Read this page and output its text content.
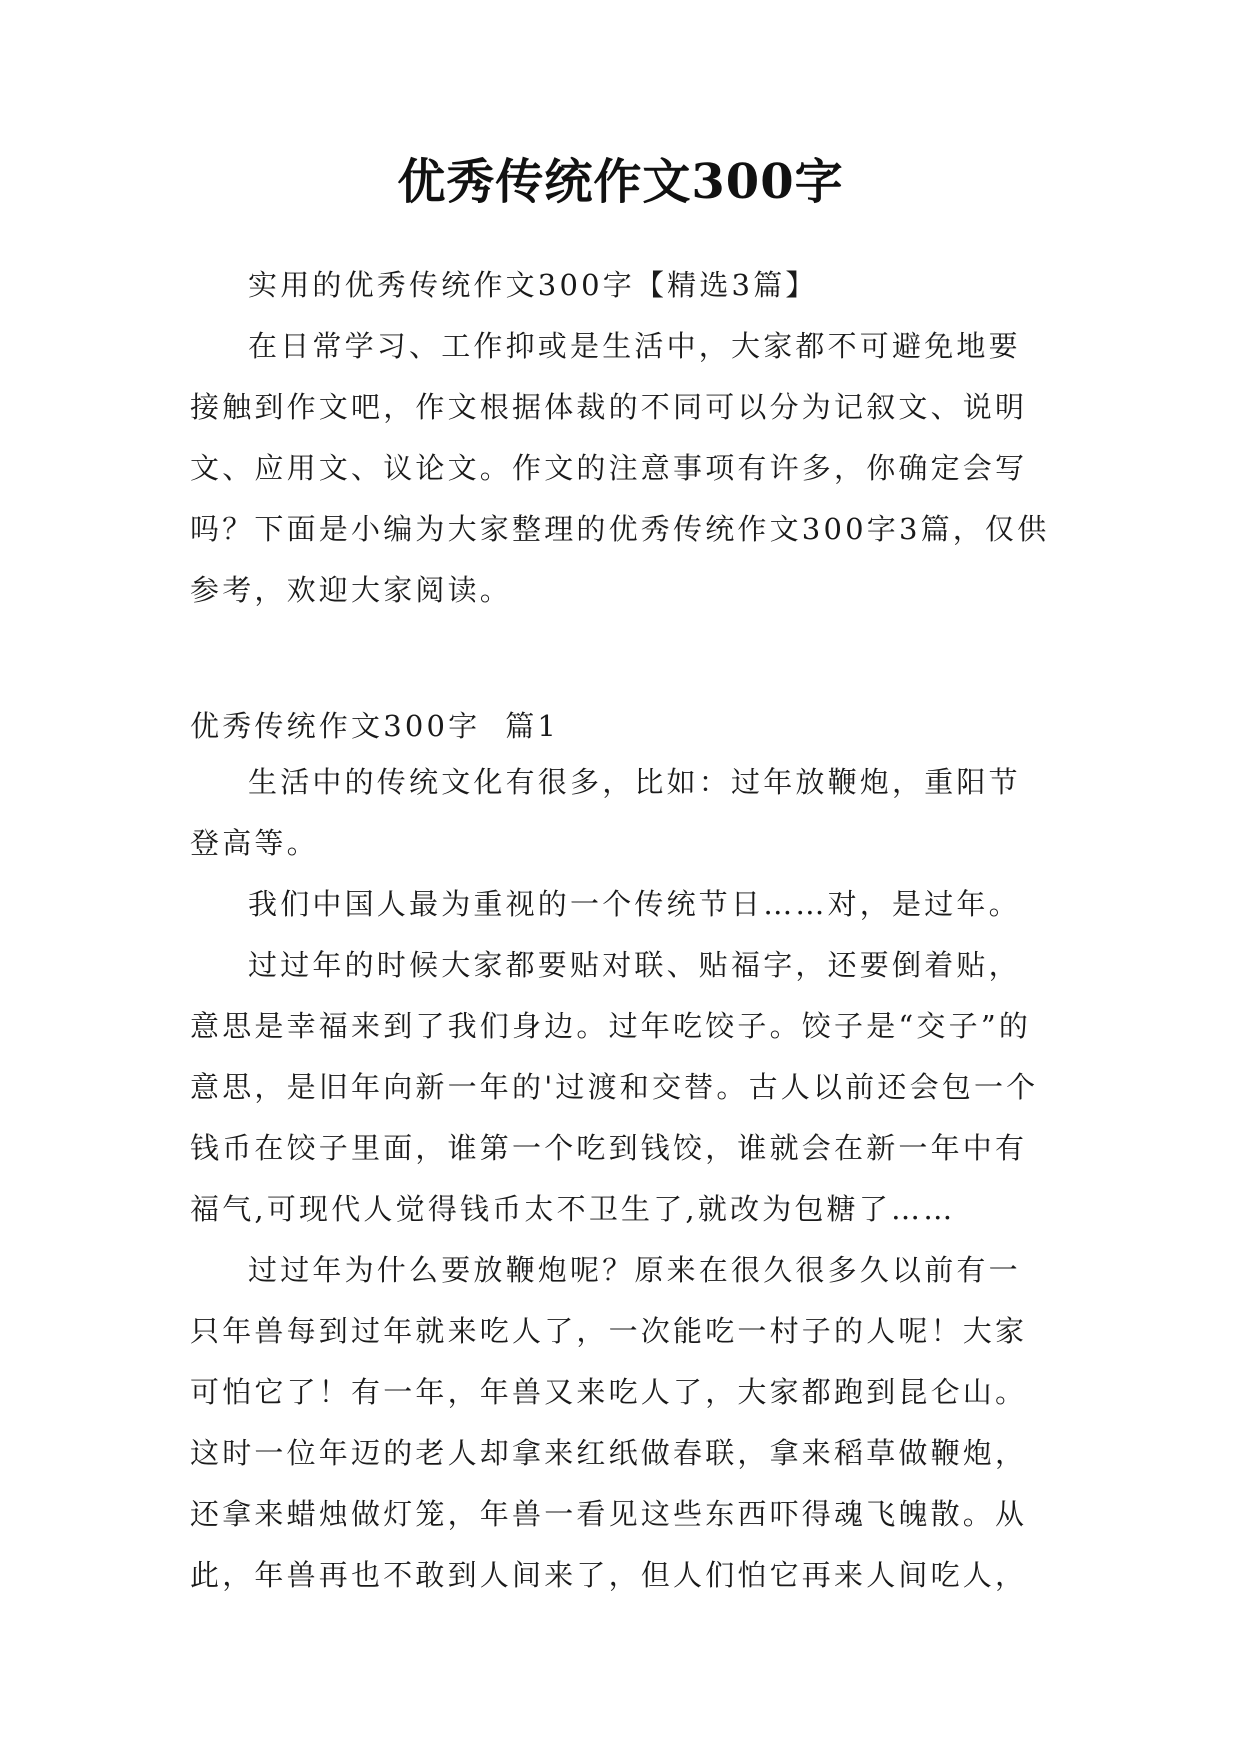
优秀传统作文300字

实用的优秀传统作文300字【精选3篇】

在日常学习、工作抑或是生活中，大家都不可避免地要接触到作文吧，作文根据体裁的不同可以分为记叙文、说明文、应用文、议论文。作文的注意事项有许多，你确定会写吗？下面是小编为大家整理的优秀传统作文300字3篇，仅供参考，欢迎大家阅读。

优秀传统作文300字  篇1

生活中的传统文化有很多，比如：过年放鞭炮，重阳节登高等。

我们中国人最为重视的一个传统节日……对，是过年。

过过年的时候大家都要贴对联、贴福字，还要倒着贴，意思是幸福来到了我们身边。过年吃饺子。饺子是“交子”的意思，是旧年向新一年的'过渡和交替。古人以前还会包一个钱币在饺子里面，谁第一个吃到钱饺，谁就会在新一年中有福气,可现代人觉得钱币太不卫生了,就改为包糖了……

过过年为什么要放鞭炮呢？原来在很久很多久以前有一只年兽每到过年就来吃人了，一次能吃一村子的人呢！大家可怕它了！有一年，年兽又来吃人了，大家都跑到昆仑山。这时一位年迈的老人却拿来红纸做春联，拿来稻草做鞭炮，还拿来蜡烛做灯笼，年兽一看见这些东西吓得魂飞魄散。从此，年兽再也不敢到人间来了，但人们怕它再来人间吃人，
